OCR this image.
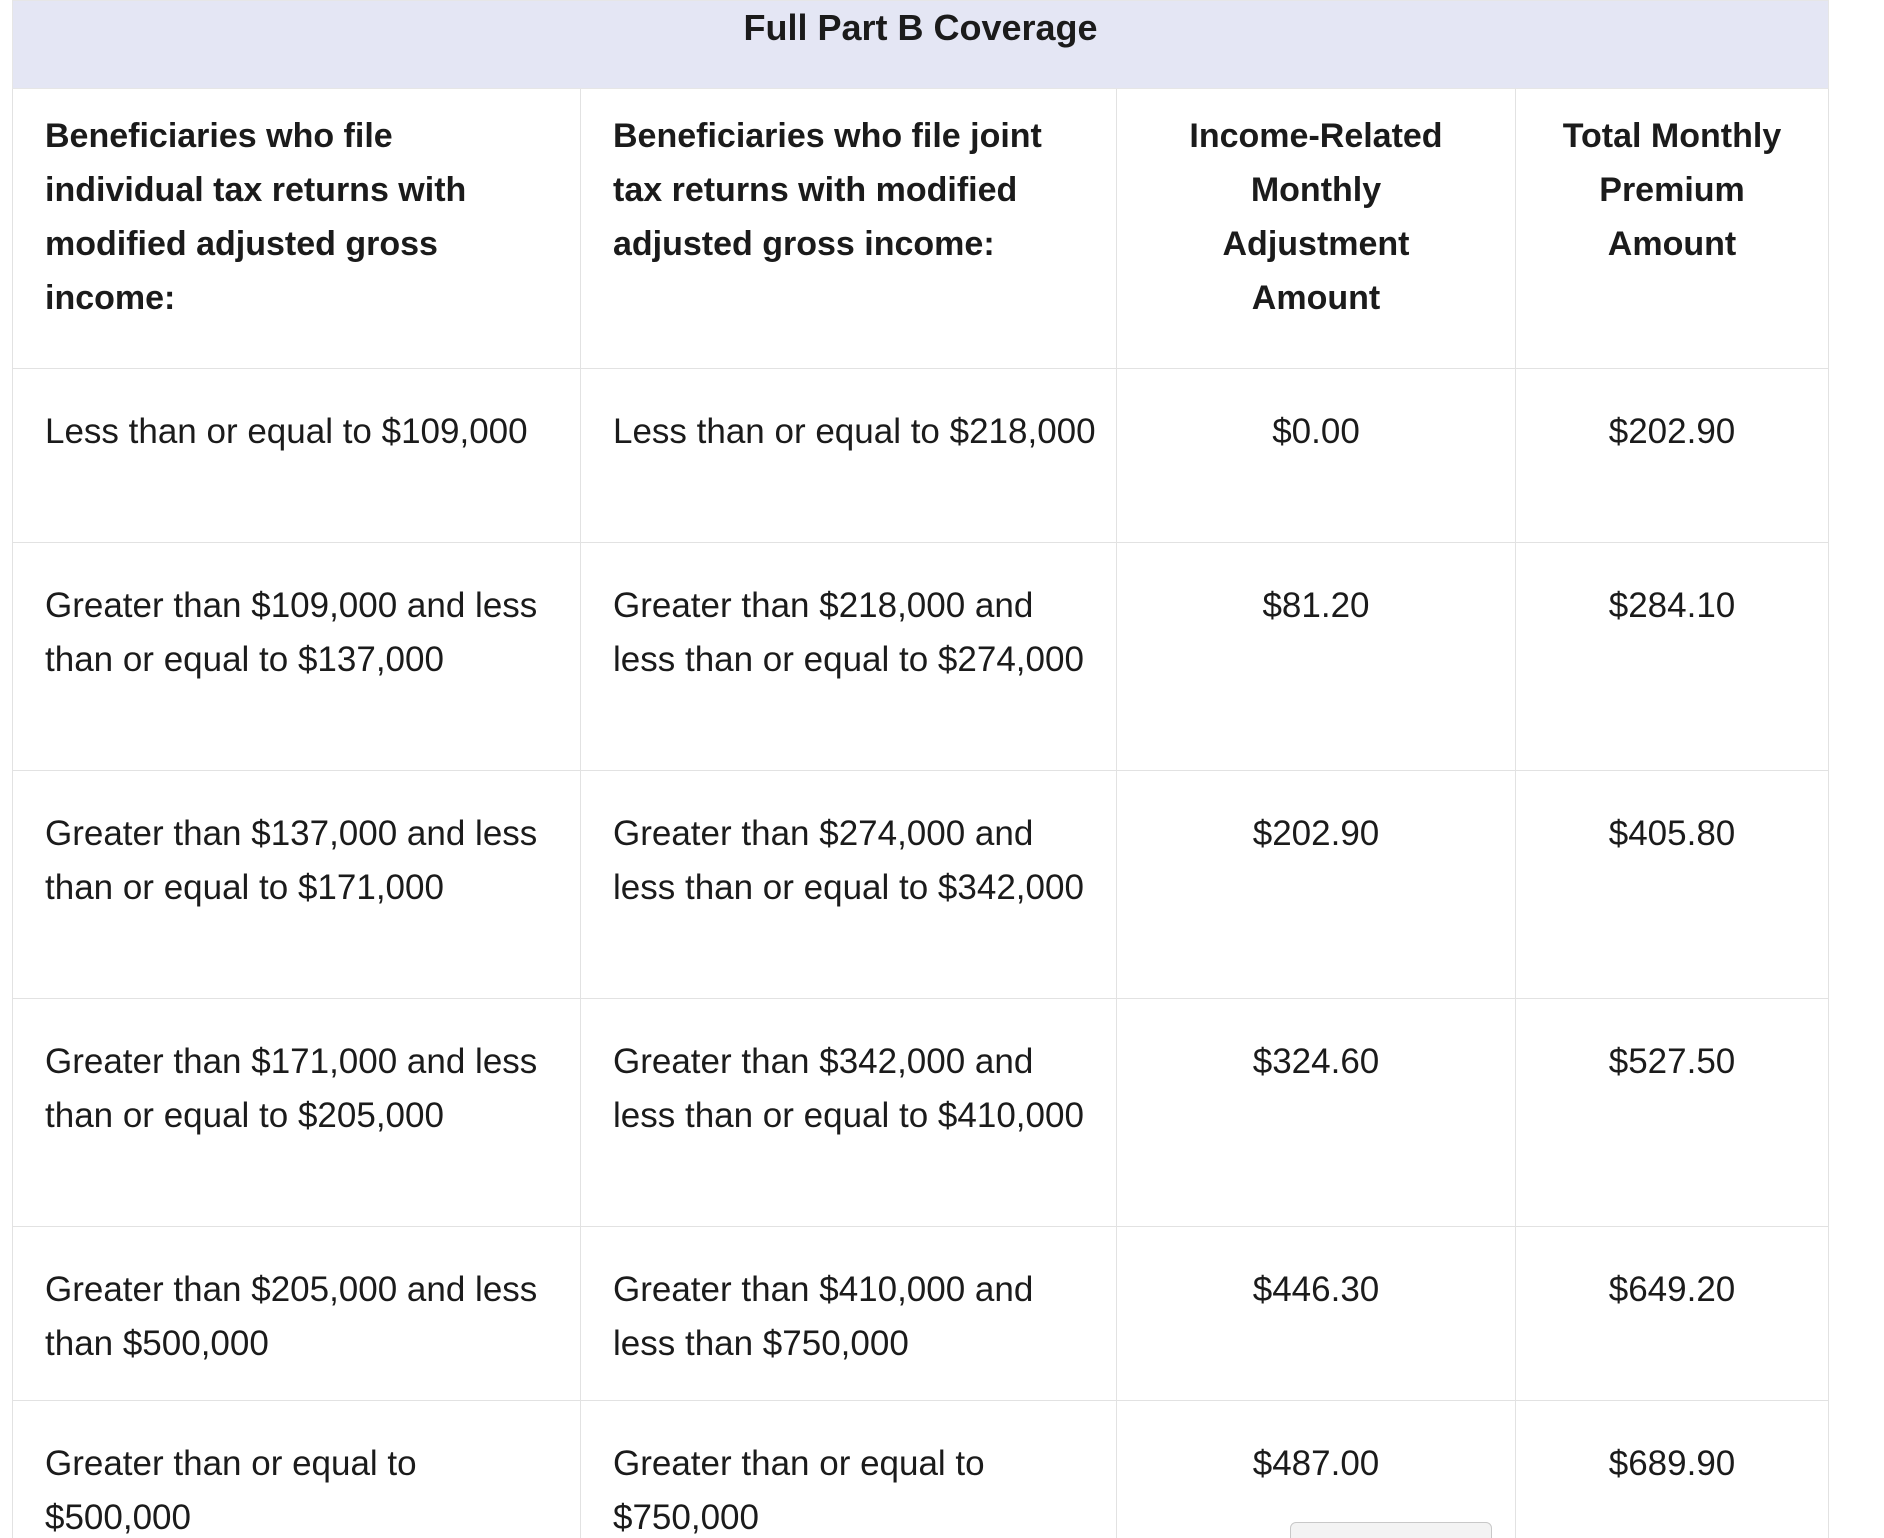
Full Part B Coverage			

Beneficiaries who file individual tax returns with modified adjusted gross income:	Beneficiaries who file joint tax returns with modified adjusted gross income:	Income-Related Monthly Adjustment Amount	Total Monthly Premium Amount

Less than or equal to $109,000	Less than or equal to $218,000	$0.00	$202.90

Greater than $109,000 and less than or equal to $137,000	Greater than $218,000 and less than or equal to $274,000	$81.20	$284.10

Greater than $137,000 and less than or equal to $171,000	Greater than $274,000 and less than or equal to $342,000	$202.90	$405.80

Greater than $171,000 and less than or equal to $205,000	Greater than $342,000 and less than or equal to $410,000	$324.60	$527.50

Greater than $205,000 and less than $500,000	Greater than $410,000 and less than $750,000	$446.30	$649.20

Greater than or equal to $500,000	Greater than or equal to $750,000	$487.00	$689.90
